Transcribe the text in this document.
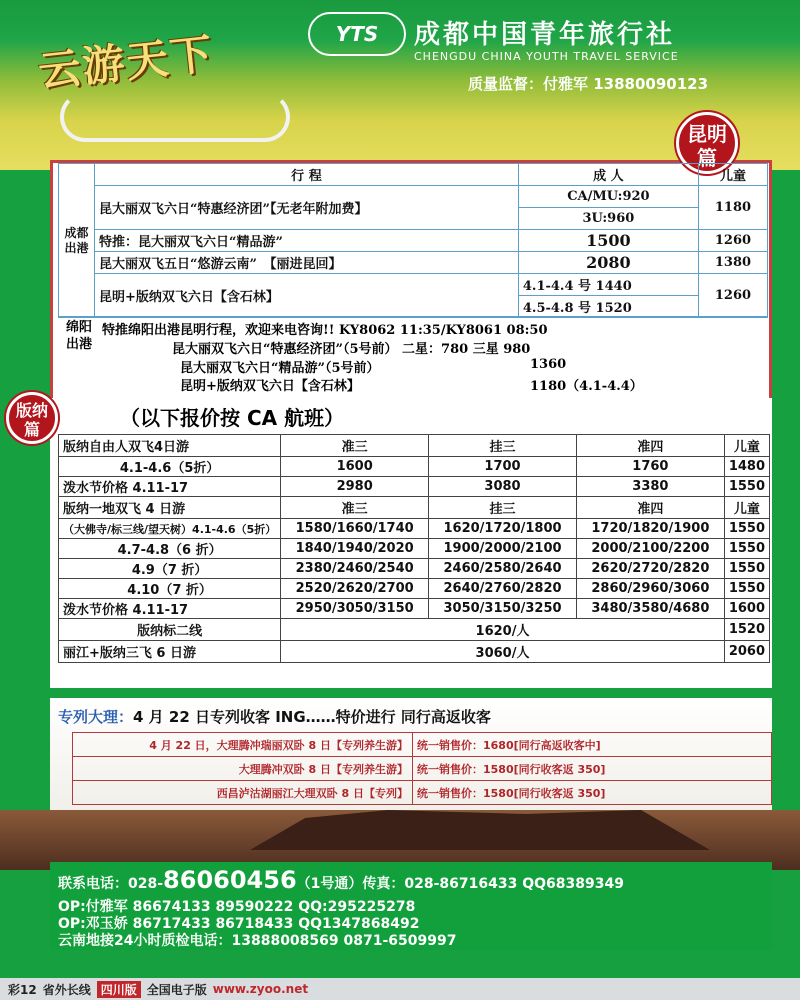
云游天下	YTS	成都中国青年旅行社
CHENGDU CHINA YOUTH TRAVEL SERVICE
质量监督：付雅军 13880090123
昆明篇
成都出港	行 程	成 人	儿童
	昆大丽双飞六日“特惠经济团”【无老年附加费】	CA/MU:920	1180
		3U:960	
	特推：昆大丽双飞六日“精品游”	1500	1260
	昆大丽双飞五日“悠游云南”　【丽进昆回】	2080	1380
	昆明+版纳双飞六日【含石林】	4.1-4.4 号 1440	1260
		4.5-4.8 号 1520	
绵阳出港
特推绵阳出港昆明行程，欢迎来电咨询!! KY8062 11:35/KY8061 08:50
昆大丽双飞六日“特惠经济团”（5号前） 二星：780 三星 980
昆大丽双飞六日“精品游”（5号前）	1360
昆明+版纳双飞六日【含石林】	1180（4.1-4.4）
版纳篇	（以下报价按 CA 航班）
版纳自由人双飞4日游	准三	挂三	准四	儿童
4.1-4.6（5折）	1600	1700	1760	1480
泼水节价格 4.11-17	2980	3080	3380	1550
版纳一地双飞 4 日游	准三	挂三	准四	儿童
（大佛寺/标三线/望天树）4.1-4.6（5折）	1580/1660/1740	1620/1720/1800	1720/1820/1900	1550
4.7-4.8（6 折）	1840/1940/2020	1900/2000/2100	2000/2100/2200	1550
4.9（7 折）	2380/2460/2540	2460/2580/2640	2620/2720/2820	1550
4.10（7 折）	2520/2620/2700	2640/2760/2820	2860/2960/3060	1550
泼水节价格 4.11-17	2950/3050/3150	3050/3150/3250	3480/3580/4680	1600
版纳标二线	1620/人			1520
丽江+版纳三飞 6 日游	3060/人			2060
专列大理：4 月 22 日专列收客 ING……特价进行 同行高返收客
4 月 22 日，大理腾冲瑞丽双卧 8 日【专列养生游】	统一销售价：1680[同行高返收客中]
大理腾冲双卧 8 日【专列养生游】	统一销售价：1580[同行收客返 350]
西昌泸沽湖丽江大理双卧 8 日【专列】	统一销售价：1580[同行收客返 350]
联系电话：028-86060456（1号通）传真：028-86716433 QQ68389349
OP:付雅军 86674133 89590222 QQ:295225278
OP:邓玉娇 86717433 86718433 QQ1347868492
云南地接24小时质检电话：13888008569 0871-6509997
彩12 省外长线 四川版 全国电子版 www.zyoo.net
